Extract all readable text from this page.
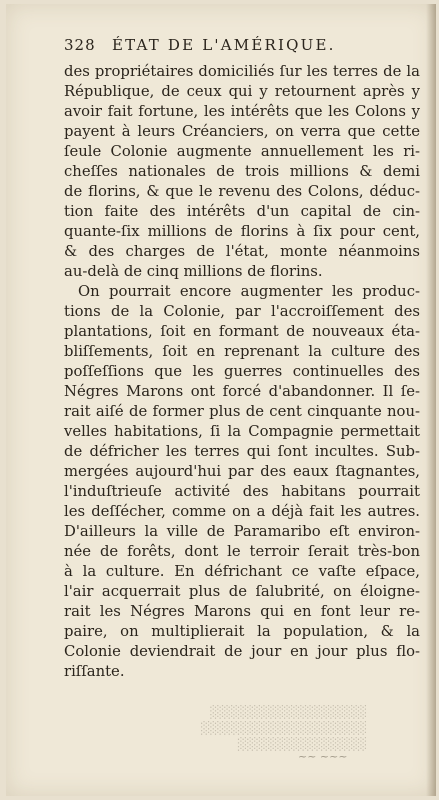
328 ÉTAT DE L'AMÉRIQUE.
des propriétaires domiciliés ſur les terres de la
République, de ceux qui y retournent après y
avoir fait fortune, les intérêts que les Colons y
payent à leurs Créanciers, on verra que cette
ſeule Colonie augmente annuellement les ri-
cheſſes nationales de trois millions & demi
de florins, & que le revenu des Colons, déduc-
tion faite des intérêts d'un capital de cin-
quante-ſix millions de florins à ſix pour cent,
& des charges de l'état, monte néanmoins
au-delà de cinq millions de florins.
On pourrait encore augmenter les produc-
tions de la Colonie, par l'accroiſſement des
plantations, ſoit en formant de nouveaux éta-
bliſſements, ſoit en reprenant la culture des
poſſeſſions que les guerres continuelles des
Négres Marons ont forcé d'abandonner. Il ſe-
rait aiſé de former plus de cent cinquante nou-
velles habitations, ſi la Compagnie permettait
de défricher les terres qui ſont incultes. Sub-
mergées aujourd'hui par des eaux ſtagnantes,
l'induſtrieuſe activité des habitans pourrait
les deſſécher, comme on a déjà fait les autres.
D'ailleurs la ville de Paramaribo eſt environ-
née de forêts, dont le terroir ſerait très-bon
à la culture. En défrichant ce vaſte eſpace,
l'air acquerrait plus de ſalubrité, on éloigne-
rait les Négres Marons qui en font leur re-
paire, on multiplierait la population, & la
Colonie deviendrait de jour en jour plus flo-
riſſante.
░░░░░░░░░░░░░░░░░
░░░░░░░░░░░░░░░░░░
░░░░░░░░░░░░░░
~~ ~~~
